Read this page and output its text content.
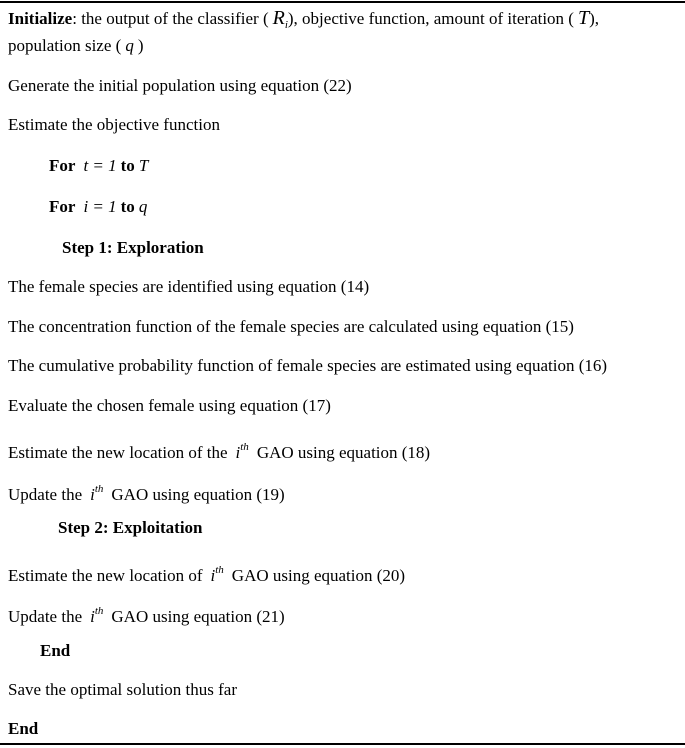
Initialize: the output of the classifier ( $R_i$), objective function, amount of iteration ( T),
population size ( q )
Generate the initial population using equation (22)
Estimate the objective function
For t = 1 to T
For i = 1 to q
Step 1: Exploration
The female species are identified using equation (14)
The concentration function of the female species are calculated using equation (15)
The cumulative probability function of female species are estimated using equation (16)
Evaluate the chosen female using equation (17)
Estimate the new location of the $i^{th}$ GAO using equation (18)
Update the $i^{th}$ GAO using equation (19)
Step 2: Exploitation
Estimate the new location of $i^{th}$ GAO using equation (20)
Update the $i^{th}$ GAO using equation (21)
End
Save the optimal solution thus far
End
